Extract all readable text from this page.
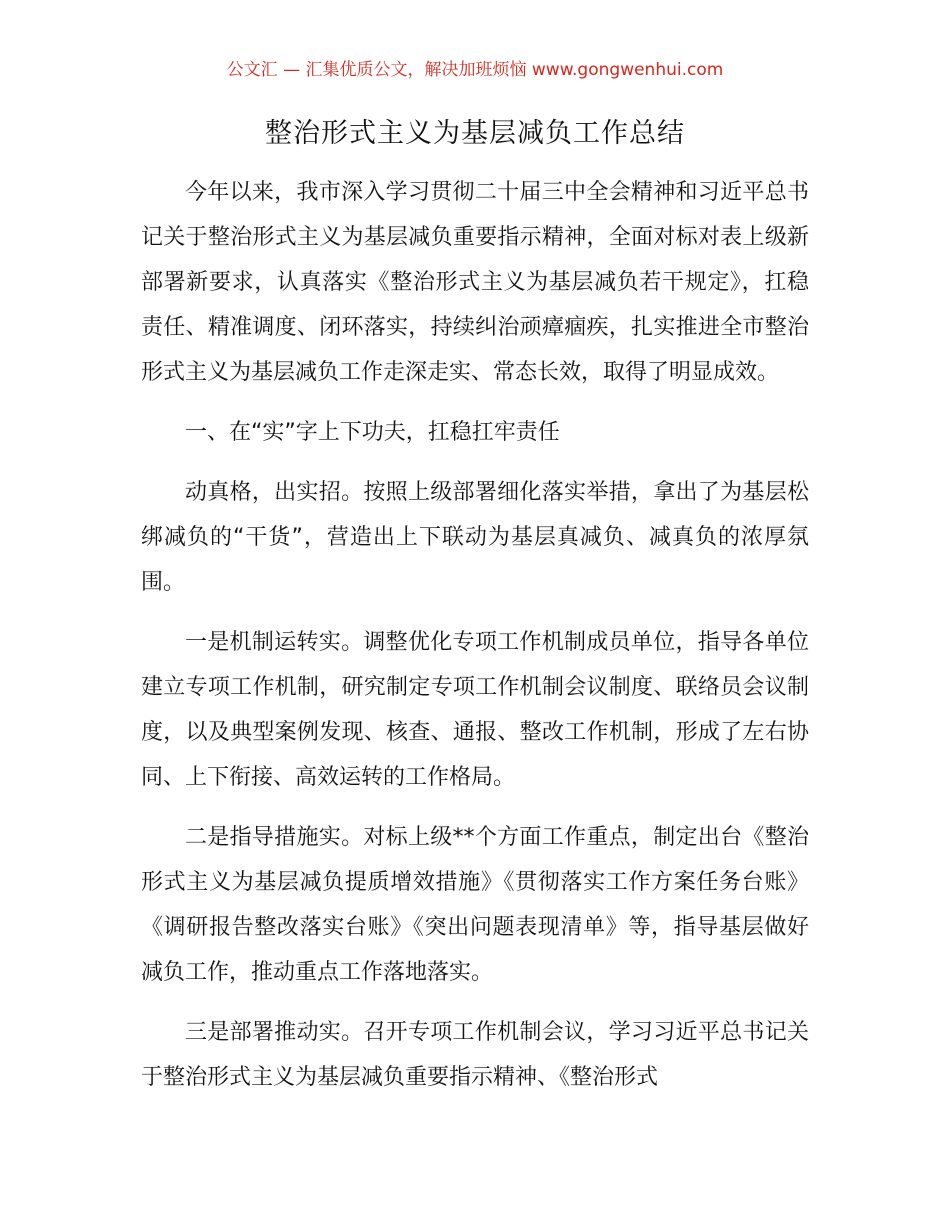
公文汇 — 汇集优质公文，解决加班烦恼 www.gongwenhui.com
整治形式主义为基层减负工作总结

今年以来，我市深入学习贯彻二十届三中全会精神和习近平总书记关于整治形式主义为基层减负重要指示精神，全面对标对表上级新部署新要求，认真落实《整治形式主义为基层减负若干规定》，扛稳责任、精准调度、闭环落实，持续纠治顽瘴痼疾，扎实推进全市整治形式主义为基层减负工作走深走实、常态长效，取得了明显成效。

一、在“实”字上下功夫，扛稳扛牢责任

动真格，出实招。按照上级部署细化落实举措，拿出了为基层松绑减负的“干货”，营造出上下联动为基层真减负、减真负的浓厚氛围。

一是机制运转实。调整优化专项工作机制成员单位，指导各单位建立专项工作机制，研究制定专项工作机制会议制度、联络员会议制度，以及典型案例发现、核查、通报、整改工作机制，形成了左右协同、上下衔接、高效运转的工作格局。

二是指导措施实。对标上级**个方面工作重点，制定出台《整治形式主义为基层减负提质增效措施》《贯彻落实工作方案任务台账》《调研报告整改落实台账》《突出问题表现清单》等，指导基层做好减负工作，推动重点工作落地落实。

三是部署推动实。召开专项工作机制会议，学习习近平总书记关于整治形式主义为基层减负重要指示精神、《整治形式
